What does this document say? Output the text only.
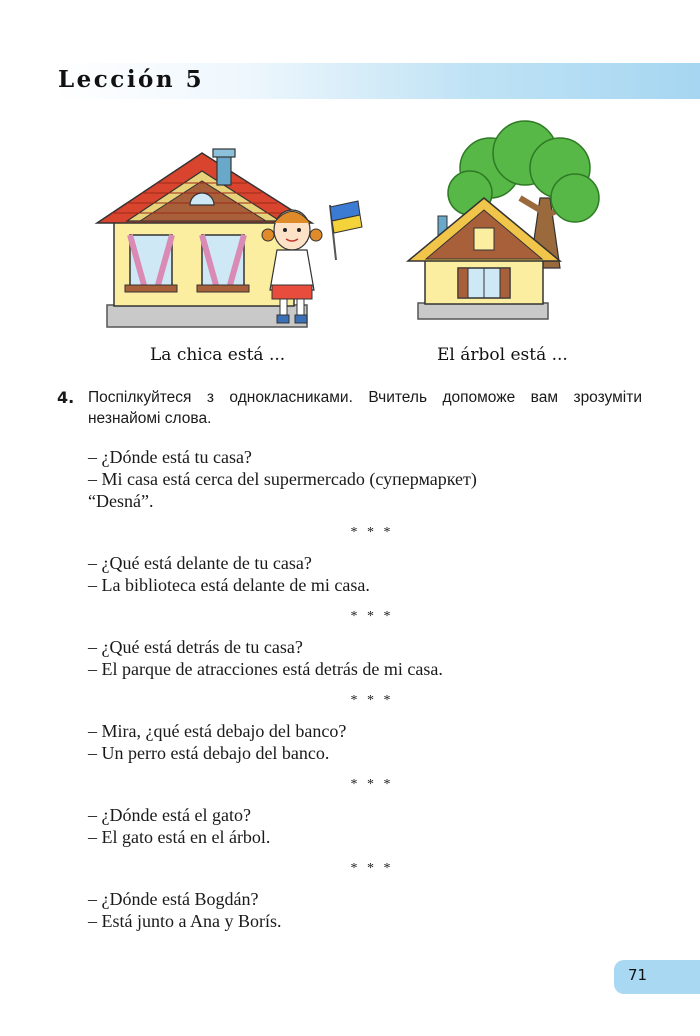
Lección 5
La chica está ...	El árbol está ...
4. Поспілкуйтеся з однокласниками. Вчитель допоможе вам зрозуміти незнайомі слова.
– ¿Dónde está tu casa?
– Mi casa está cerca del supermercado (супермаркет)
“Desná”.
* * *
– ¿Qué está delante de tu casa?
– La biblioteca está delante de mi casa.
* * *
– ¿Qué está detrás de tu casa?
– El parque de atracciones está detrás de mi casa.
* * *
– Mira, ¿qué está debajo del banco?
– Un perro está debajo del banco.
* * *
– ¿Dónde está el gato?
– El gato está en el árbol.
* * *
– ¿Dónde está Bogdán?
– Está junto a Ana y Borís.
71
